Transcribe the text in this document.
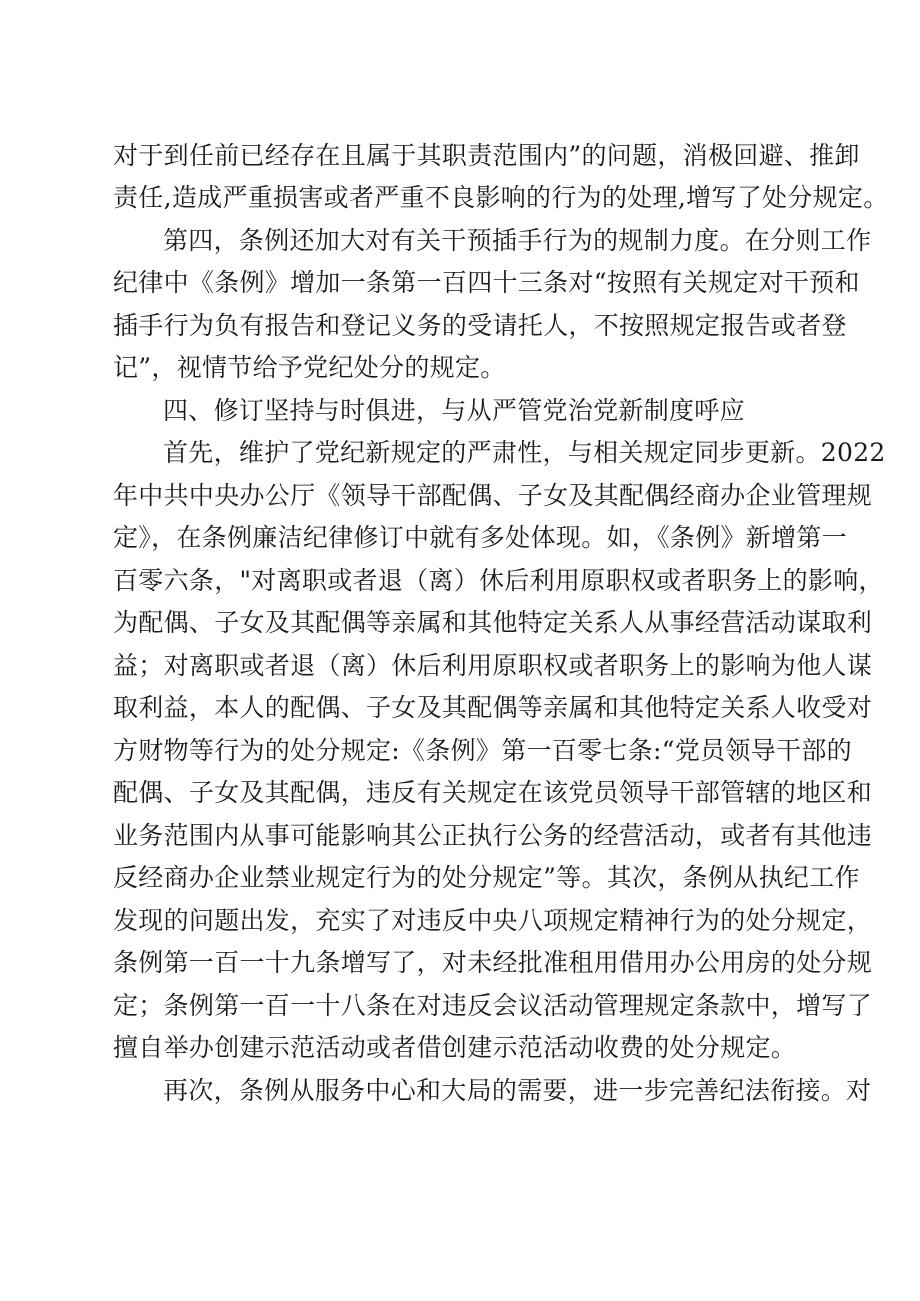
对于到任前已经存在且属于其职责范围内”的问题，消极回避、推卸
责任,造成严重损害或者严重不良影响的行为的处理,增写了处分规定。
第四，条例还加大对有关干预插手行为的规制力度。在分则工作
纪律中《条例》增加一条第一百四十三条对“按照有关规定对干预和
插手行为负有报告和登记义务的受请托人，不按照规定报告或者登
记”，视情节给予党纪处分的规定。
四、修订坚持与时俱进，与从严管党治党新制度呼应
首先，维护了党纪新规定的严肃性，与相关规定同步更新。2022
年中共中央办公厅《领导干部配偶、子女及其配偶经商办企业管理规
定》，在条例廉洁纪律修订中就有多处体现。如，《条例》新增第一
百零六条，"对离职或者退（离）休后利用原职权或者职务上的影响，
为配偶、子女及其配偶等亲属和其他特定关系人从事经营活动谋取利
益；对离职或者退（离）休后利用原职权或者职务上的影响为他人谋
取利益，本人的配偶、子女及其配偶等亲属和其他特定关系人收受对
方财物等行为的处分规定:《条例》第一百零七条:“党员领导干部的
配偶、子女及其配偶，违反有关规定在该党员领导干部管辖的地区和
业务范围内从事可能影响其公正执行公务的经营活动，或者有其他违
反经商办企业禁业规定行为的处分规定”等。其次，条例从执纪工作
发现的问题出发，充实了对违反中央八项规定精神行为的处分规定，
条例第一百一十九条增写了，对未经批准租用借用办公用房的处分规
定；条例第一百一十八条在对违反会议活动管理规定条款中，增写了
擅自举办创建示范活动或者借创建示范活动收费的处分规定。
再次，条例从服务中心和大局的需要，进一步完善纪法衔接。对
